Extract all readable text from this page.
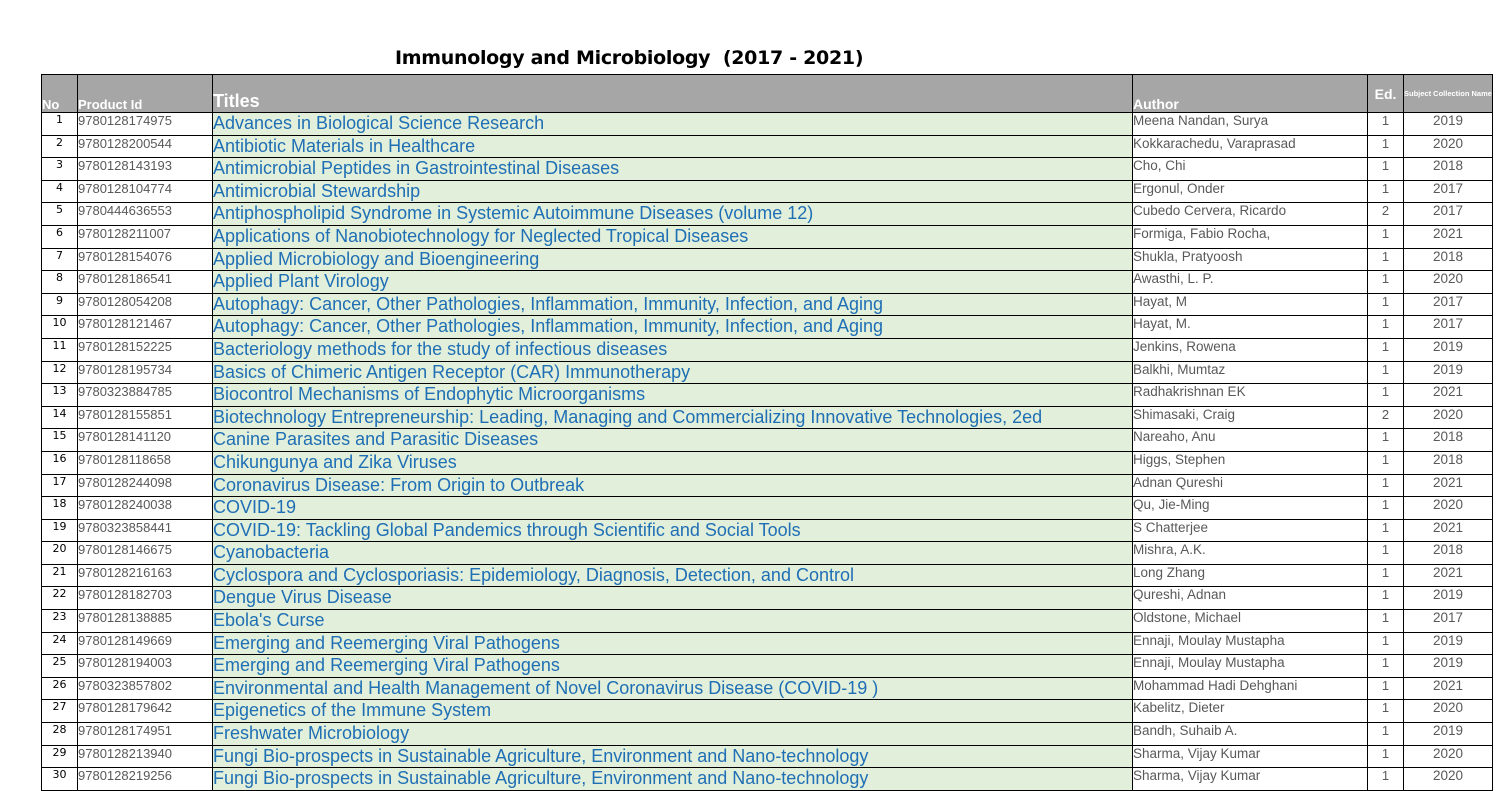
Immunology and Microbiology  (2017 - 2021)
No	Product Id	Titles	Author	Ed.	Subject Collection Name
1	9780128174975	Advances in Biological Science Research	Meena Nandan, Surya	1	2019
2	9780128200544	Antibiotic Materials in Healthcare	Kokkarachedu, Varaprasad	1	2020
3	9780128143193	Antimicrobial Peptides in Gastrointestinal Diseases	Cho, Chi	1	2018
4	9780128104774	Antimicrobial Stewardship	Ergonul, Onder	1	2017
5	9780444636553	Antiphospholipid Syndrome in Systemic Autoimmune Diseases (volume 12)	Cubedo Cervera, Ricardo	2	2017
6	9780128211007	Applications of Nanobiotechnology for Neglected Tropical Diseases	Formiga, Fabio Rocha,	1	2021
7	9780128154076	Applied Microbiology and Bioengineering	Shukla, Pratyoosh	1	2018
8	9780128186541	Applied Plant Virology	Awasthi, L. P.	1	2020
9	9780128054208	Autophagy: Cancer, Other Pathologies, Inflammation, Immunity, Infection, and Aging	Hayat, M	1	2017
10	9780128121467	Autophagy: Cancer, Other Pathologies, Inflammation, Immunity, Infection, and Aging	Hayat, M.	1	2017
11	9780128152225	Bacteriology methods for the study of infectious diseases	Jenkins, Rowena	1	2019
12	9780128195734	Basics of Chimeric Antigen Receptor (CAR) Immunotherapy	Balkhi, Mumtaz	1	2019
13	9780323884785	Biocontrol Mechanisms of Endophytic Microorganisms	Radhakrishnan EK	1	2021
14	9780128155851	Biotechnology Entrepreneurship: Leading, Managing and Commercializing Innovative Technologies, 2ed	Shimasaki, Craig	2	2020
15	9780128141120	Canine Parasites and Parasitic Diseases	Nareaho, Anu	1	2018
16	9780128118658	Chikungunya and Zika Viruses	Higgs, Stephen	1	2018
17	9780128244098	Coronavirus Disease: From Origin to Outbreak	Adnan Qureshi	1	2021
18	9780128240038	COVID-19	Qu, Jie-Ming	1	2020
19	9780323858441	COVID-19: Tackling Global Pandemics through Scientific and Social Tools	S Chatterjee	1	2021
20	9780128146675	Cyanobacteria	Mishra, A.K.	1	2018
21	9780128216163	Cyclospora and Cyclosporiasis: Epidemiology, Diagnosis, Detection, and Control	Long Zhang	1	2021
22	9780128182703	Dengue Virus Disease	Qureshi, Adnan	1	2019
23	9780128138885	Ebola's Curse	Oldstone, Michael	1	2017
24	9780128149669	Emerging and Reemerging Viral Pathogens	Ennaji, Moulay Mustapha	1	2019
25	9780128194003	Emerging and Reemerging Viral Pathogens	Ennaji, Moulay Mustapha	1	2019
26	9780323857802	Environmental and Health Management of Novel Coronavirus Disease (COVID-19 )	Mohammad Hadi Dehghani	1	2021
27	9780128179642	Epigenetics of the Immune System	Kabelitz, Dieter	1	2020
28	9780128174951	Freshwater Microbiology	Bandh, Suhaib A.	1	2019
29	9780128213940	Fungi Bio-prospects in Sustainable Agriculture, Environment and Nano-technology	Sharma, Vijay Kumar	1	2020
30	9780128219256	Fungi Bio-prospects in Sustainable Agriculture, Environment and Nano-technology	Sharma, Vijay Kumar	1	2020
